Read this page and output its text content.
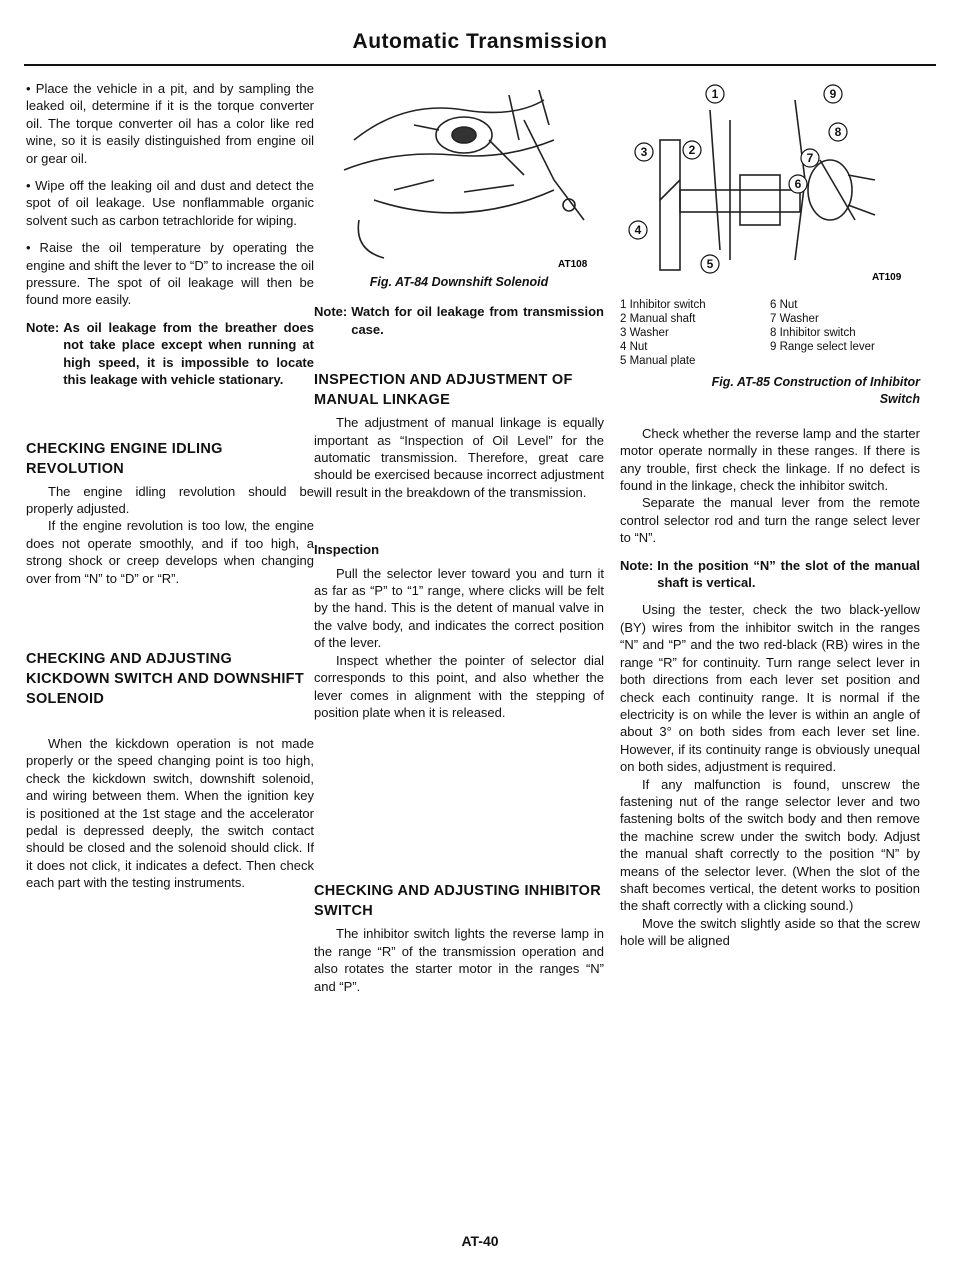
Automatic Transmission

• Place the vehicle in a pit, and by sampling the leaked oil, determine if it is the torque converter oil. The torque converter oil has a color like red wine, so it is easily distinguished from engine oil or gear oil.

• Wipe off the leaking oil and dust and detect the spot of oil leakage. Use nonflammable organic solvent such as carbon tetrachloride for wiping.

• Raise the oil temperature by operating the engine and shift the lever to “D” to increase the oil pressure. The spot of oil leakage will then be found more easily.

Note: As oil leakage from the breather does not take place except when running at high speed, it is impossible to locate this leakage with vehicle stationary.
CHECKING ENGINE IDLING REVOLUTION

The engine idling revolution should be properly adjusted.

If the engine revolution is too low, the engine does not operate smoothly, and if too high, a strong shock or creep develops when changing over from “N” to “D” or “R”.

CHECKING AND ADJUSTING KICKDOWN SWITCH AND DOWNSHIFT SOLENOID

When the kickdown operation is not made properly or the speed changing point is too high, check the kickdown switch, downshift solenoid, and wiring between them. When the ignition key is positioned at the 1st stage and the accelerator pedal is depressed deeply, the switch contact should be closed and the solenoid should click. If it does not click, it indicates a defect. Then check each part with the testing instruments.

AT108
Fig. AT-84 Downshift Solenoid
Note: Watch for oil leakage from transmission case.
INSPECTION AND ADJUSTMENT OF MANUAL LINKAGE

The adjustment of manual linkage is equally important as “Inspection of Oil Level” for the automatic transmission. Therefore, great care should be exercised because incorrect adjustment will result in the breakdown of the transmission.

Inspection

Pull the selector lever toward you and turn it as far as “P” to “1” range, where clicks will be felt by the hand. This is the detent of manual valve in the valve body, and indicates the correct position of the lever.

Inspect whether the pointer of selector dial corresponds to this point, and also whether the lever comes in alignment with the stepping of position plate when it is released.

CHECKING AND ADJUSTING INHIBITOR SWITCH

The inhibitor switch lights the reverse lamp in the range “R” of the transmission operation and also rotates the starter motor in the ranges “N” and “P”.

1
2
3
4
5
6
7
8
9
AT109
1 Inhibitor switch	6 Nut
2 Manual shaft	7 Washer
3 Washer	8 Inhibitor switch
4 Nut	9 Range select lever
5 Manual plate
Fig. AT-85 Construction of Inhibitor
Switch

Check whether the reverse lamp and the starter motor operate normally in these ranges. If there is any trouble, first check the linkage. If no defect is found in the linkage, check the inhibitor switch.

Separate the manual lever from the remote control selector rod and turn the range select lever to “N”.

Note: In the position “N” the slot of the manual shaft is vertical.

Using the tester, check the two black-yellow (BY) wires from the inhibitor switch in the ranges “N” and “P” and the two red-black (RB) wires in the range “R” for continuity. Turn range select lever in both directions from each lever set position and check each continuity range. It is normal if the electricity is on while the lever is within an angle of about 3° on both sides from each lever set line. However, if its continuity range is obviously unequal on both sides, adjustment is required.

If any malfunction is found, unscrew the fastening nut of the range selector lever and two fastening bolts of the switch body and then remove the machine screw under the switch body. Adjust the manual shaft correctly to the position “N” by means of the selector lever. (When the slot of the shaft becomes vertical, the detent works to position the shaft correctly with a clicking sound.)

Move the switch slightly aside so that the screw hole will be aligned

AT-40
